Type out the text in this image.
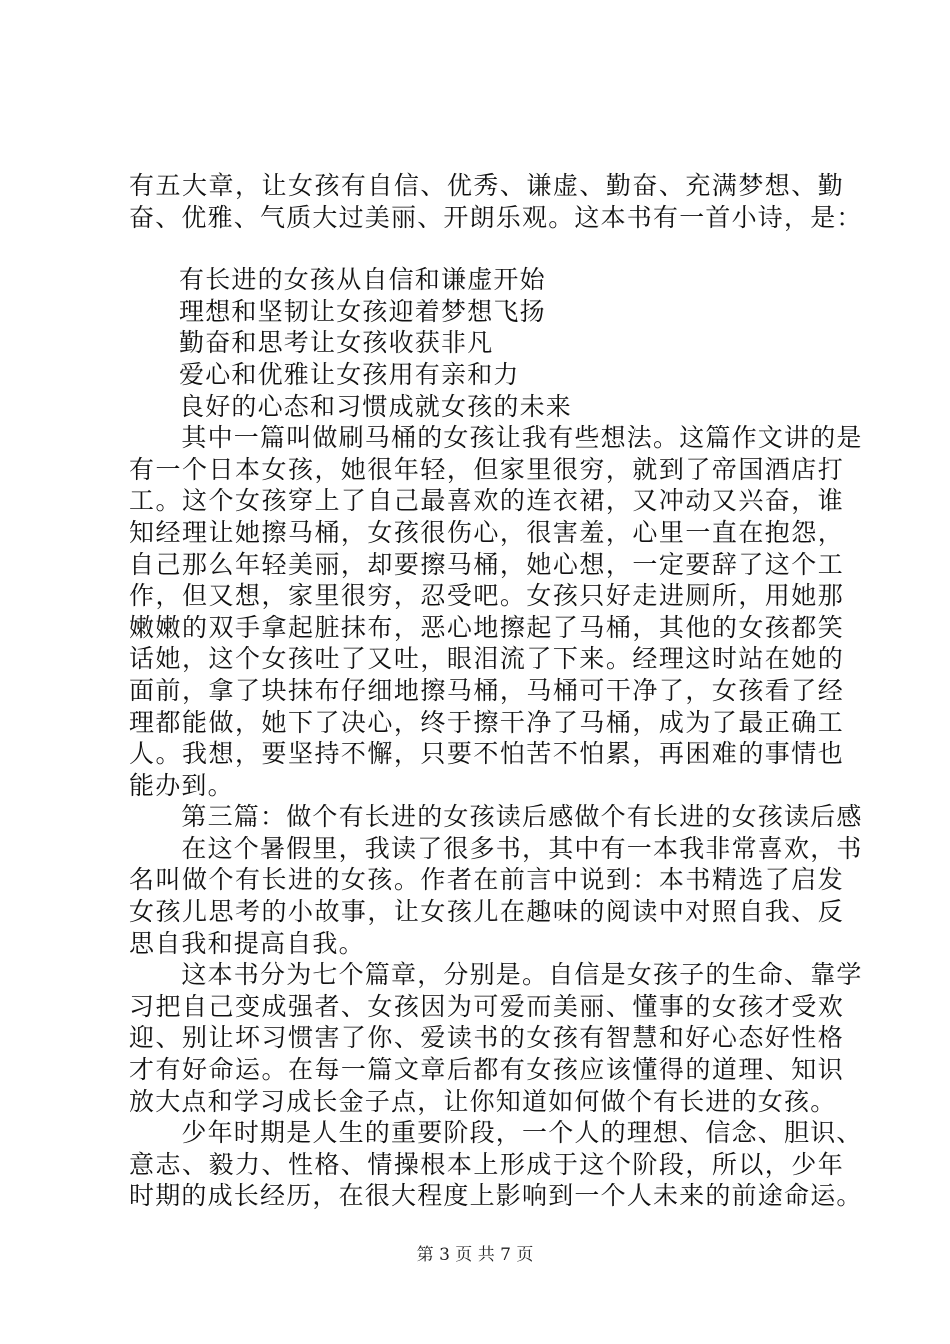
有五大章，让女孩有自信、优秀、谦虚、勤奋、充满梦想、勤
奋、优雅、气质大过美丽、开朗乐观。这本书有一首小诗，是：
有长进的女孩从自信和谦虚开始
理想和坚韧让女孩迎着梦想飞扬
勤奋和思考让女孩收获非凡
爱心和优雅让女孩用有亲和力
良好的心态和习惯成就女孩的未来
　　其中一篇叫做刷马桶的女孩让我有些想法。这篇作文讲的是
有一个日本女孩，她很年轻，但家里很穷，就到了帝国酒店打
工。这个女孩穿上了自己最喜欢的连衣裙，又冲动又兴奋，谁
知经理让她擦马桶，女孩很伤心，很害羞，心里一直在抱怨，
自己那么年轻美丽，却要擦马桶，她心想，一定要辞了这个工
作，但又想，家里很穷，忍受吧。女孩只好走进厕所，用她那
嫩嫩的双手拿起脏抹布，恶心地擦起了马桶，其他的女孩都笑
话她，这个女孩吐了又吐，眼泪流了下来。经理这时站在她的
面前，拿了块抹布仔细地擦马桶，马桶可干净了，女孩看了经
理都能做，她下了决心，终于擦干净了马桶，成为了最正确工
人。我想，要坚持不懈，只要不怕苦不怕累，再困难的事情也
能办到。
　　第三篇：做个有长进的女孩读后感做个有长进的女孩读后感
　　在这个暑假里，我读了很多书，其中有一本我非常喜欢，书
名叫做个有长进的女孩。作者在前言中说到：本书精选了启发
女孩儿思考的小故事，让女孩儿在趣味的阅读中对照自我、反
思自我和提高自我。
　　这本书分为七个篇章，分别是。自信是女孩子的生命、靠学
习把自己变成强者、女孩因为可爱而美丽、懂事的女孩才受欢
迎、别让坏习惯害了你、爱读书的女孩有智慧和好心态好性格
才有好命运。在每一篇文章后都有女孩应该懂得的道理、知识
放大点和学习成长金子点，让你知道如何做个有长进的女孩。
　　少年时期是人生的重要阶段，一个人的理想、信念、胆识、
意志、毅力、性格、情操根本上形成于这个阶段，所以，少年
时期的成长经历，在很大程度上影响到一个人未来的前途命运。
第 3 页 共 7 页
